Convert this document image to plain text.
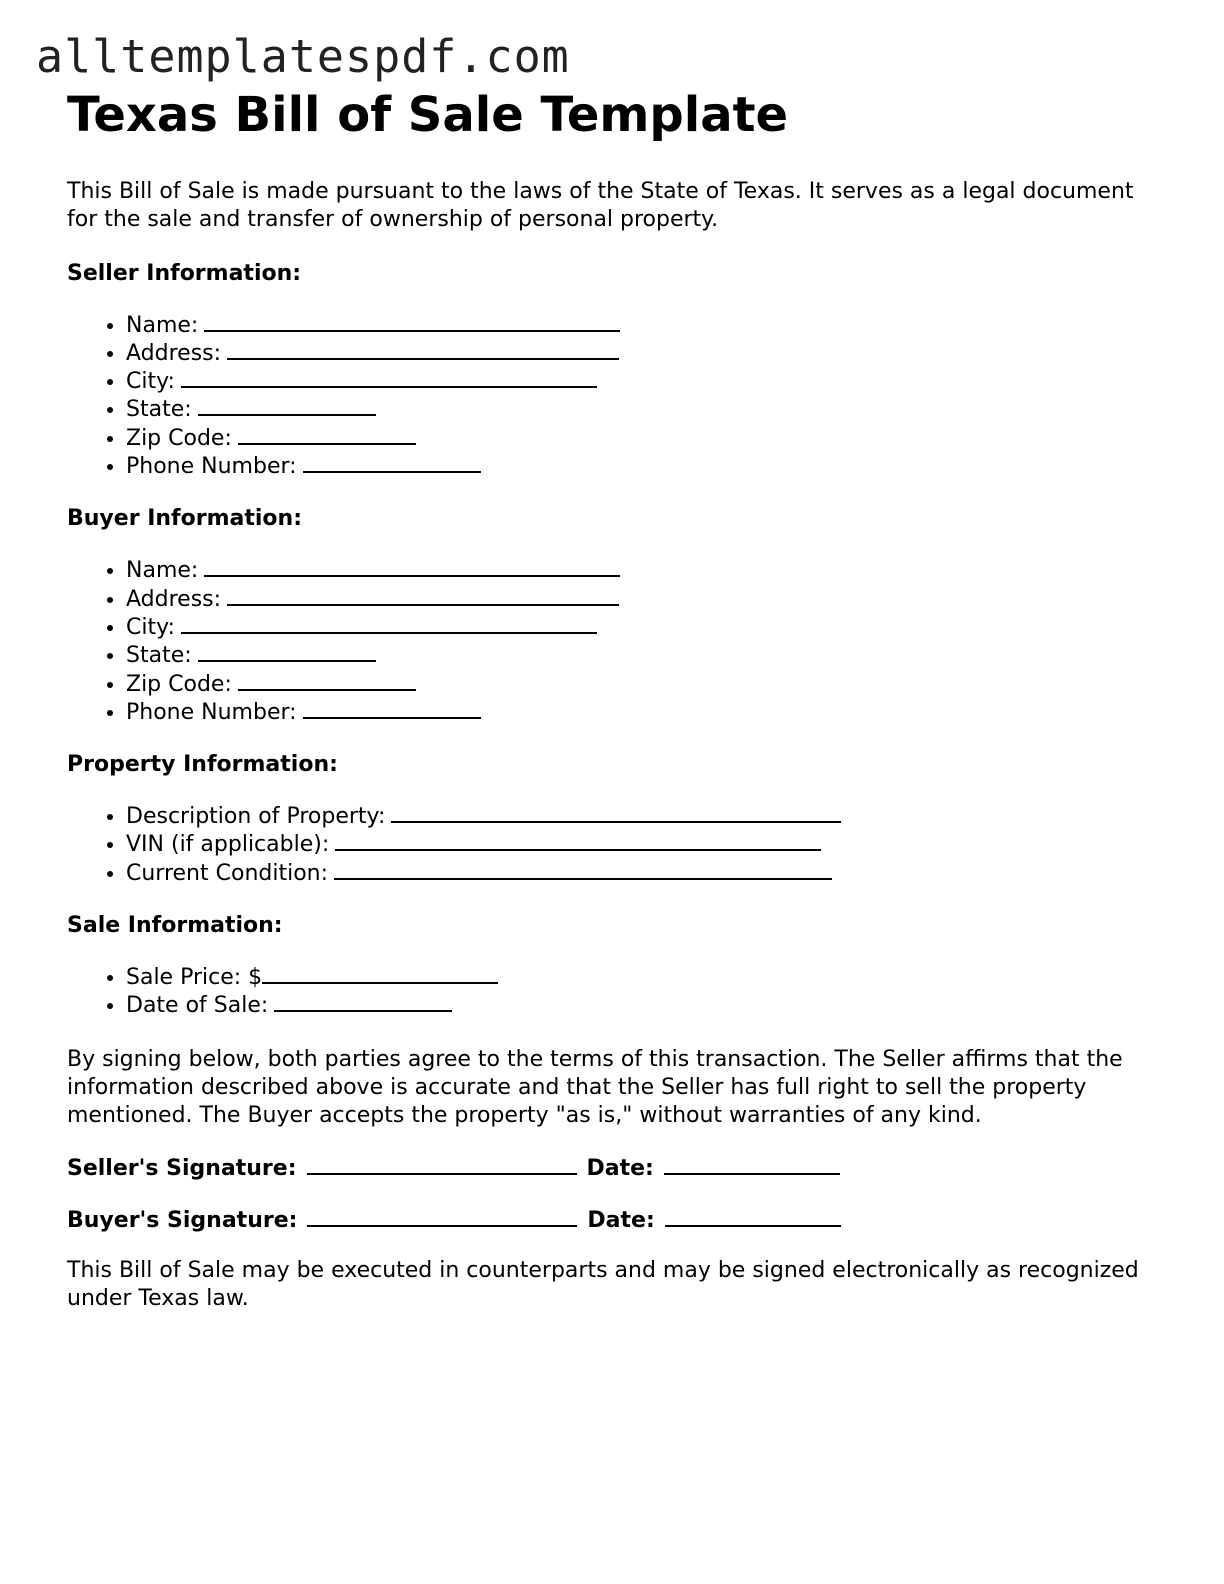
alltemplatespdf.com
Texas Bill of Sale Template

This Bill of Sale is made pursuant to the laws of the State of Texas. It serves as a legal document for the sale and transfer of ownership of personal property.

Seller Information:
• Name:
• Address:
• City:
• State:
• Zip Code:
• Phone Number:
Buyer Information:
• Name:
• Address:
• City:
• State:
• Zip Code:
• Phone Number:
Property Information:
• Description of Property:
• VIN (if applicable):
• Current Condition:
Sale Information:
• Sale Price: $
• Date of Sale:

By signing below, both parties agree to the terms of this transaction. The Seller affirms that the information described above is accurate and that the Seller has full right to sell the property mentioned. The Buyer accepts the property "as is," without warranties of any kind.

Seller's Signature:	Date:
Buyer's Signature:	Date:

This Bill of Sale may be executed in counterparts and may be signed electronically as recognized under Texas law.
